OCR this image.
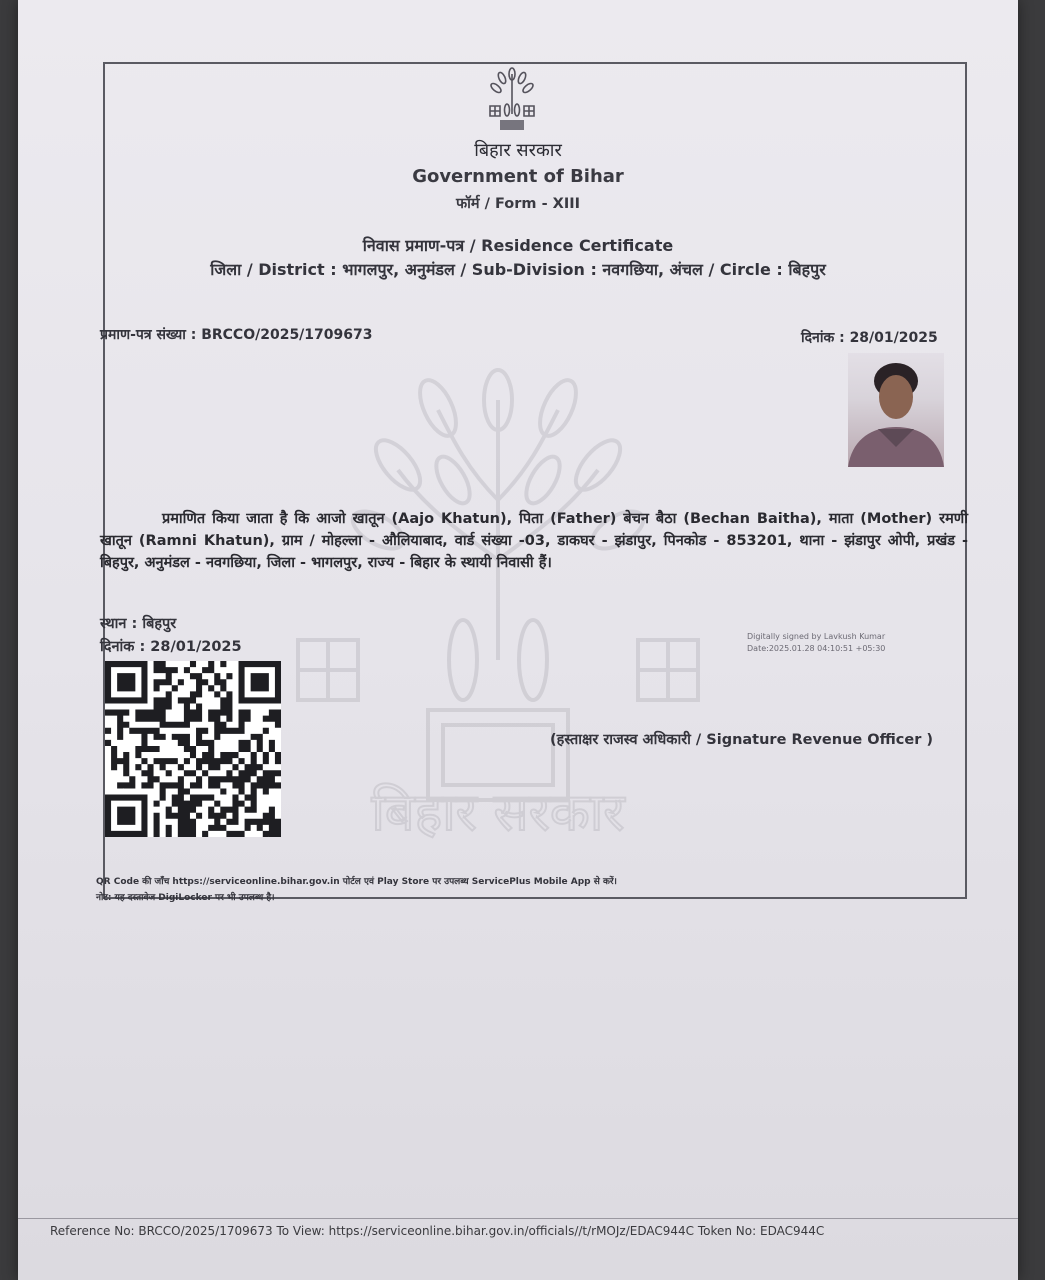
बिहार सरकार
बिहार सरकार
Government of Bihar
फॉर्म / Form - XIII
निवास प्रमाण-पत्र / Residence Certificate
जिला / District : भागलपुर, अनुमंडल / Sub-Division : नवगछिया, अंचल / Circle : बिहपुर
प्रमाण-पत्र संख्या : BRCCO/2025/1709673	दिनांक : 28/01/2025
प्रमाणित किया जाता है कि आजो खातून (Aajo Khatun), पिता (Father) बेचन बैठा (Bechan Baitha), माता (Mother) रमणी खातून (Ramni Khatun), ग्राम / मोहल्ला - औलियाबाद, वार्ड संख्या -03, डाकघर - झंडापुर, पिनकोड - 853201, थाना - झंडापुर ओपी, प्रखंड - बिहपुर, अनुमंडल - नवगछिया, जिला - भागलपुर, राज्य - बिहार के स्थायी निवासी हैं।
स्थान : बिहपुर
दिनांक : 28/01/2025
Digitally signed by Lavkush Kumar
Date:2025.01.28 04:10:51 +05:30
(हस्ताक्षर राजस्व अधिकारी / Signature Revenue Officer )
QR Code की जाँच https://serviceonline.bihar.gov.in पोर्टल एवं Play Store पर उपलब्ध ServicePlus Mobile App से करें।
नोट: यह दस्तावेज DigiLocker पर भी उपलब्ध है।
Reference No: BRCCO/2025/1709673 To View: https://serviceonline.bihar.gov.in/officials//t/rMOJz/EDAC944C Token No: EDAC944C
